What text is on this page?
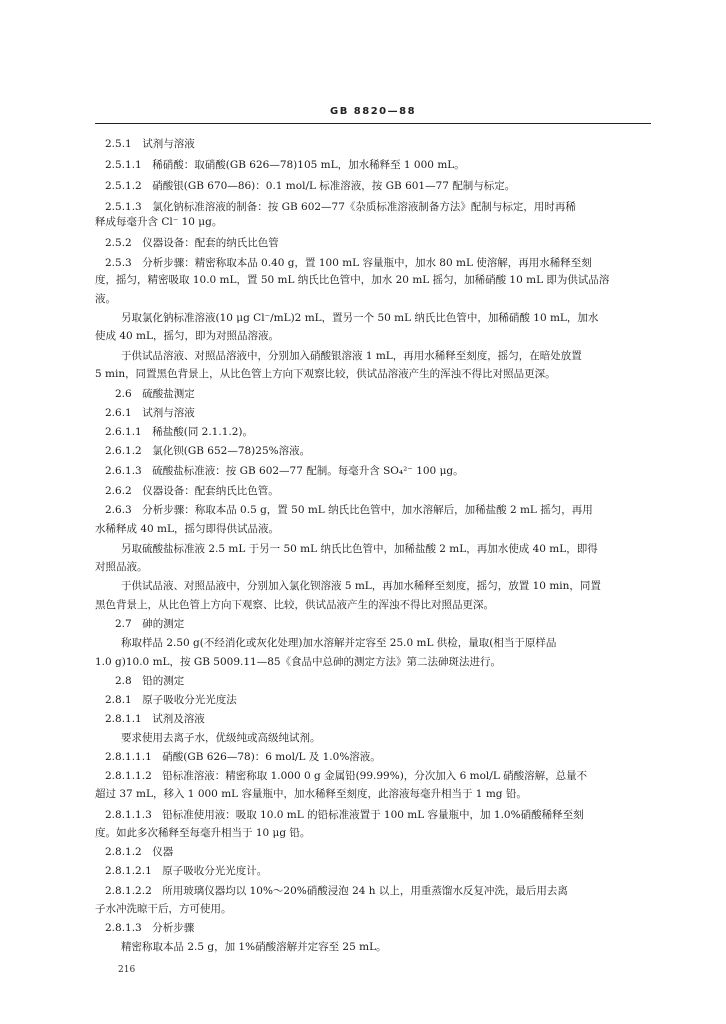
GB 8820—88
2.5.1　试剂与溶液
2.5.1.1　稀硝酸：取硝酸(GB 626—78)105 mL，加水稀释至 1 000 mL。
2.5.1.2　硝酸银(GB 670—86)：0.1 mol/L 标准溶液，按 GB 601—77 配制与标定。
2.5.1.3　氯化钠标准溶液的制备：按 GB 602—77《杂质标准溶液制备方法》配制与标定，用时再稀
释成每毫升含 Cl⁻ 10 μg。
2.5.2　仪器设备：配套的纳氏比色管
2.5.3　分析步骤：精密称取本品 0.40 g，置 100 mL 容量瓶中，加水 80 mL 使溶解，再用水稀释至刻
度，摇匀，精密吸取 10.0 mL，置 50 mL 纳氏比色管中，加水 20 mL 摇匀，加稀硝酸 10 mL 即为供试品溶
液。
另取氯化钠标准溶液(10 μg Cl⁻/mL)2 mL，置另一个 50 mL 纳氏比色管中，加稀硝酸 10 mL，加水
使成 40 mL，摇匀，即为对照品溶液。
于供试品溶液、对照品溶液中，分别加入硝酸银溶液 1 mL，再用水稀释至刻度，摇匀，在暗处放置
5 min，同置黑色背景上，从比色管上方向下观察比较，供试品溶液产生的浑浊不得比对照品更深。
2.6　硫酸盐测定
2.6.1　试剂与溶液
2.6.1.1　稀盐酸(同 2.1.1.2)。
2.6.1.2　氯化钡(GB 652—78)25%溶液。
2.6.1.3　硫酸盐标准液：按 GB 602—77 配制。每毫升含 SO₄²⁻ 100 μg。
2.6.2　仪器设备：配套纳氏比色管。
2.6.3　分析步骤：称取本品 0.5 g，置 50 mL 纳氏比色管中，加水溶解后，加稀盐酸 2 mL 摇匀，再用
水稀释成 40 mL，摇匀即得供试品液。
另取硫酸盐标准液 2.5 mL 于另一 50 mL 纳氏比色管中，加稀盐酸 2 mL，再加水使成 40 mL，即得
对照品液。
于供试品液、对照品液中，分别加入氯化钡溶液 5 mL，再加水稀释至刻度，摇匀，放置 10 min，同置
黑色背景上，从比色管上方向下观察、比较，供试品液产生的浑浊不得比对照品更深。
2.7　砷的测定
称取样品 2.50 g(不经消化或灰化处理)加水溶解并定容至 25.0 mL 供检，量取(相当于原样品
1.0 g)10.0 mL，按 GB 5009.11—85《食品中总砷的测定方法》第二法砷斑法进行。
2.8　铅的测定
2.8.1　原子吸收分光光度法
2.8.1.1　试剂及溶液
要求使用去离子水，优级纯或高级纯试剂。
2.8.1.1.1　硝酸(GB 626—78)：6 mol/L 及 1.0%溶液。
2.8.1.1.2　铅标准溶液：精密称取 1.000 0 g 金属铅(99.99%)，分次加入 6 mol/L 硝酸溶解，总量不
超过 37 mL，移入 1 000 mL 容量瓶中，加水稀释至刻度，此溶液每毫升相当于 1 mg 铅。
2.8.1.1.3　铅标准使用液：吸取 10.0 mL 的铅标准液置于 100 mL 容量瓶中，加 1.0%硝酸稀释至刻
度。如此多次稀释至每毫升相当于 10 μg 铅。
2.8.1.2　仪器
2.8.1.2.1　原子吸收分光光度计。
2.8.1.2.2　所用玻璃仪器均以 10%～20%硝酸浸泡 24 h 以上，用重蒸馏水反复冲洗，最后用去离
子水冲洗晾干后，方可使用。
2.8.1.3　分析步骤
精密称取本品 2.5 g，加 1%硝酸溶解并定容至 25 mL。
216
